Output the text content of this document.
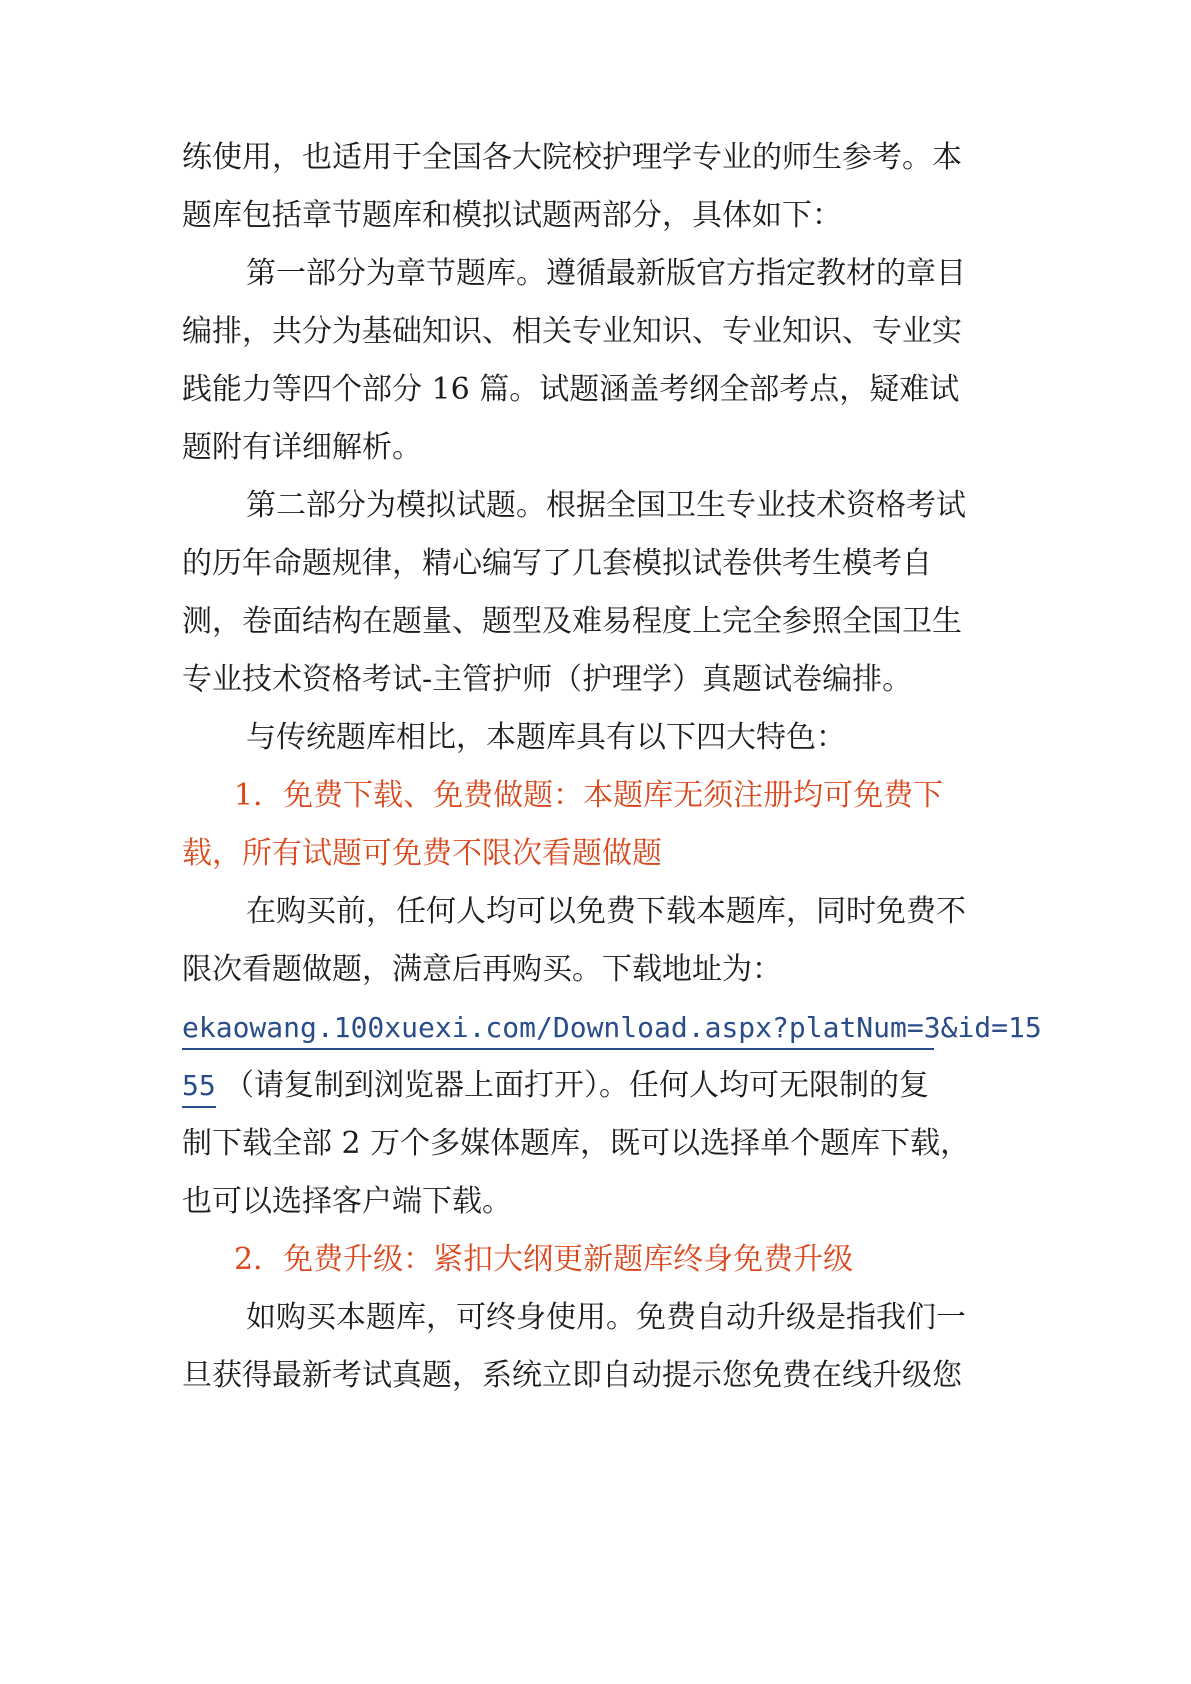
练使用，也适用于全国各大院校护理学专业的师生参考。本
题库包括章节题库和模拟试题两部分，具体如下：
第一部分为章节题库。遵循最新版官方指定教材的章目
编排，共分为基础知识、相关专业知识、专业知识、专业实
践能力等四个部分 16 篇。试题涵盖考纲全部考点，疑难试
题附有详细解析。
第二部分为模拟试题。根据全国卫生专业技术资格考试
的历年命题规律，精心编写了几套模拟试卷供考生模考自
测，卷面结构在题量、题型及难易程度上完全参照全国卫生
专业技术资格考试-主管护师（护理学）真题试卷编排。
与传统题库相比，本题库具有以下四大特色：
1．免费下载、免费做题：本题库无须注册均可免费下
载，所有试题可免费不限次看题做题
在购买前，任何人均可以免费下载本题库，同时免费不
限次看题做题，满意后再购买。下载地址为：
ekaowang.100xuexi.com/Download.aspx?platNum=3&id=15
55 （请复制到浏览器上面打开）。任何人均可无限制的复
制下载全部 2 万个多媒体题库，既可以选择单个题库下载，
也可以选择客户端下载。
2．免费升级：紧扣大纲更新题库终身免费升级
如购买本题库，可终身使用。免费自动升级是指我们一
旦获得最新考试真题，系统立即自动提示您免费在线升级您
